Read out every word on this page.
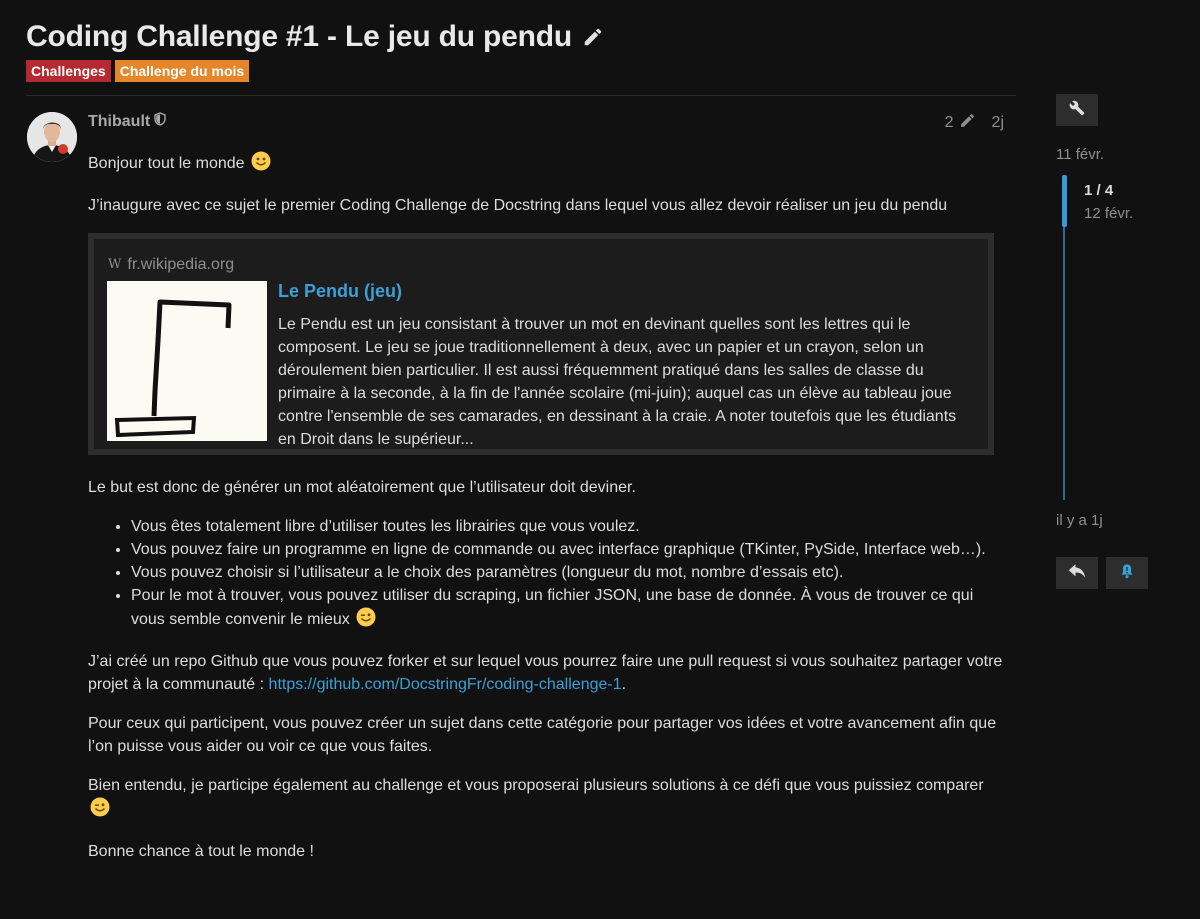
Coding Challenge #1 - Le jeu du pendu
Challenges	Challenge du mois
Thibault	2 2j

Bonjour tout le monde

J’inaugure avec ce sujet le premier Coding Challenge de Docstring dans lequel vous allez devoir réaliser un jeu du pendu

W fr.wikipedia.org
Le Pendu (jeu)
Le Pendu est un jeu consistant à trouver un mot en devinant quelles sont les lettres qui le composent. Le jeu se joue traditionnellement à deux, avec un papier et un crayon, selon un déroulement bien particulier. Il est aussi fréquemment pratiqué dans les salles de classe du primaire à la seconde, à la fin de l'année scolaire (mi-juin); auquel cas un élève au tableau joue contre l'ensemble de ses camarades, en dessinant à la craie. A noter toutefois que les étudiants en Droit dans le supérieur...

Le but est donc de générer un mot aléatoirement que l’utilisateur doit deviner.

• Vous êtes totalement libre d’utiliser toutes les librairies que vous voulez.
• Vous pouvez faire un programme en ligne de commande ou avec interface graphique (TKinter, PySide, Interface web…).
• Vous pouvez choisir si l’utilisateur a le choix des paramètres (longueur du mot, nombre d’essais etc).
• Pour le mot à trouver, vous pouvez utiliser du scraping, un fichier JSON, une base de donnée. À vous de trouver ce qui vous semble convenir le mieux

J’ai créé un repo Github que vous pouvez forker et sur lequel vous pourrez faire une pull request si vous souhaitez partager votre projet à la communauté : https://github.com/DocstringFr/coding-challenge-1.

Pour ceux qui participent, vous pouvez créer un sujet dans cette catégorie pour partager vos idées et votre avancement afin que l’on puisse vous aider ou voir ce que vous faites.

Bien entendu, je participe également au challenge et vous proposerai plusieurs solutions à ce défi que vous puissiez comparer

Bonne chance à tout le monde !

11 févr.
1 / 4
12 févr.
il y a 1j
